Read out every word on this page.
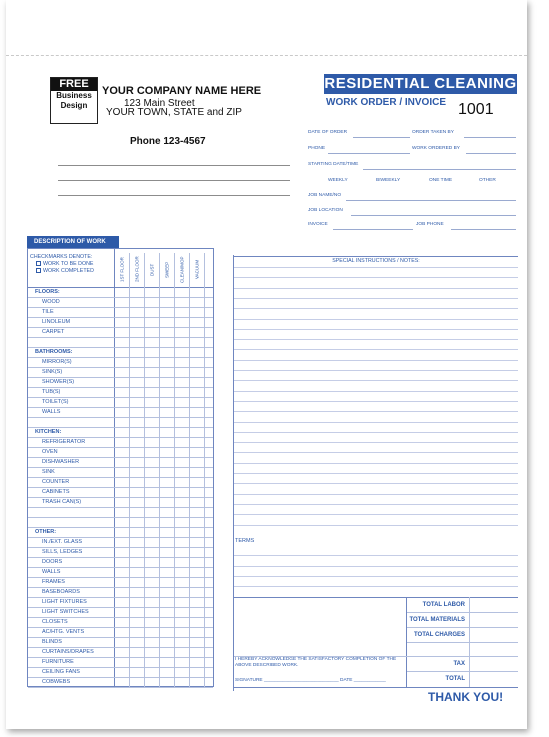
FREE
Business
Design
YOUR COMPANY NAME HERE
123 Main Street
YOUR TOWN, STATE and ZIP
Phone 123-4567
RESIDENTIAL CLEANING
WORK ORDER / INVOICE 1001
DATE OF ORDER	ORDER TAKEN BY
PHONE	WORK ORDERED BY
STARTING DATE/TIME
WEEKLY	BIWEEKLY	ONE TIME	OTHER
JOB NAME/NO
JOB LOCATION
INVOICE	JOB PHONE
DESCRIPTION OF WORK
CHECKMARKS DENOTE:
WORK TO BE DONE
WORK COMPLETED	1ST FLOOR	2ND FLOOR	DUST	SWEEP	CLEAN/MOP	VACUUM
FLOORS:
WOOD
TILE
LINOLEUM
CARPET
BATHROOMS:
MIRROR(S)
SINK(S)
SHOWER(S)
TUB(S)
TOILET(S)
WALLS
KITCHEN:
REFRIGERATOR
OVEN
DISHWASHER
SINK
COUNTER
CABINETS
TRASH CAN(S)
OTHER:
IN./EXT. GLASS
SILLS, LEDGES
DOORS
WALLS
FRAMES
BASEBOARDS
LIGHT FIXTURES
LIGHT SWITCHES
CLOSETS
AC/HTG. VENTS
BLINDS
CURTAINS/DRAPES
FURNITURE
CEILING FANS
COBWEBS
SPECIAL INSTRUCTIONS / NOTES:
TERMS
TOTAL LABOR
TOTAL MATERIALS
TOTAL CHARGES
TAX
TOTAL
I HEREBY ACKNOWLEDGE THE SATISFACTORY COMPLETION OF THE ABOVE DESCRIBED WORK.
SIGNATURE ____________________________ DATE ____________
THANK YOU!
